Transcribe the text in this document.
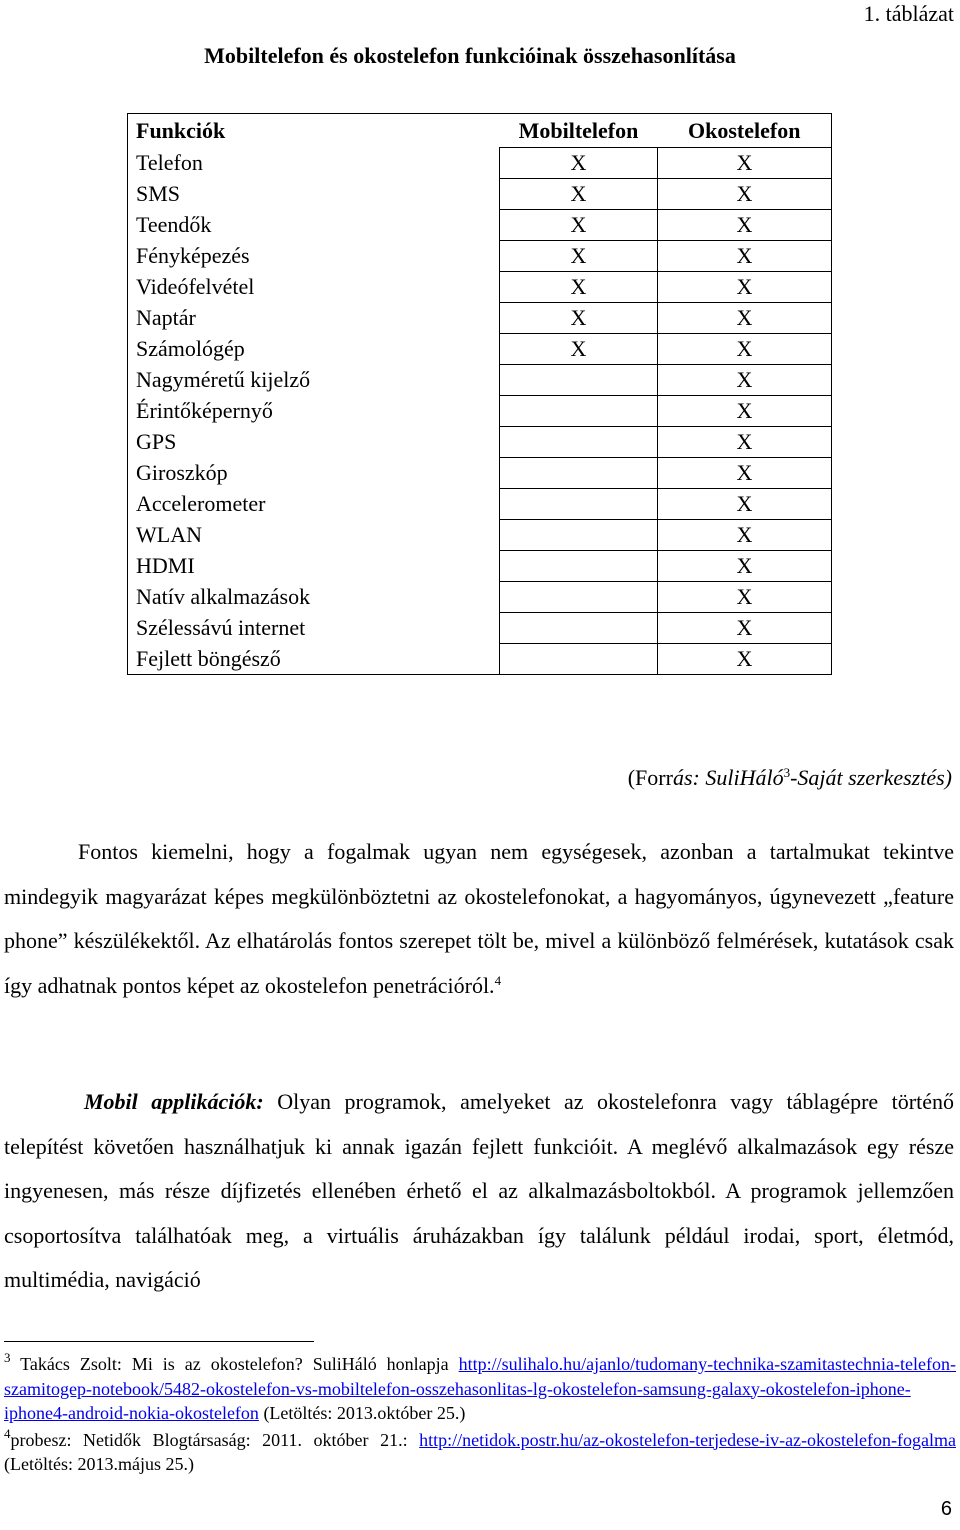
1. táblázat
Mobiltelefon és okostelefon funkcióinak összehasonlítása
Funkciók	Mobiltelefon	Okostelefon
Telefon	X	X
SMS	X	X
Teendők	X	X
Fényképezés	X	X
Videófelvétel	X	X
Naptár	X	X
Számológép	X	X
Nagyméretű kijelző		X
Érintőképernyő		X
GPS		X
Giroszkóp		X
Accelerometer		X
WLAN		X
HDMI		X
Natív alkalmazások		X
Szélessávú internet		X
Fejlett böngésző		X
(Forrás: SuliHáló$^3$-Saját szerkesztés)

Fontos kiemelni, hogy a fogalmak ugyan nem egységesek, azonban a tartalmukat tekintve mindegyik magyarázat képes megkülönböztetni az okostelefonokat, a hagyományos, úgynevezett „feature phone” készülékektől. Az elhatárolás fontos szerepet tölt be, mivel a különböző felmérések, kutatások csak így adhatnak pontos képet az okostelefon penetrációról.$^4$

Mobil applikációk: Olyan programok, amelyeket az okostelefonra vagy táblagépre történő telepítést követően használhatjuk ki annak igazán fejlett funkcióit. A meglévő alkalmazások egy része ingyenesen, más része díjfizetés ellenében érhető el az alkalmazásboltokból. A programok jellemzően csoportosítva találhatóak meg, a virtuális áruházakban így találunk például irodai, sport, életmód, multimédia, navigáció

$^3$ Takács Zsolt: Mi is az okostelefon? SuliHáló honlapja http://sulihalo.hu/ajanlo/tudomany-technika-szamitastechnia-telefon-szamitogep-notebook/5482-okostelefon-vs-mobiltelefon-osszehasonlitas-lg-okostelefon-samsung-galaxy-okostelefon-iphone-iphone4-android-nokia-okostelefon (Letöltés: 2013.október 25.)

$^4$probesz: Netidők Blogtársaság: 2011. október 21.: http://netidok.postr.hu/az-okostelefon-terjedese-iv-az-okostelefon-fogalma (Letöltés: 2013.május 25.)

6
